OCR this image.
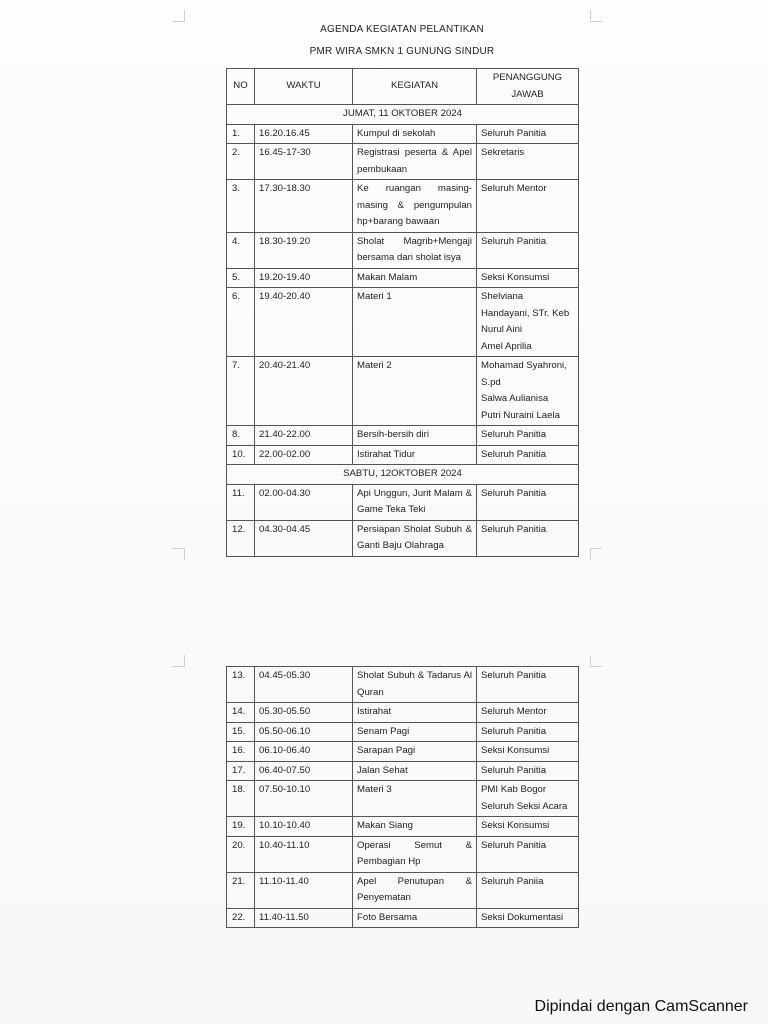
AGENDA KEGIATAN PELANTIKAN
PMR WIRA SMKN 1 GUNUNG SINDUR
NO	WAKTU	KEGIATAN	PENANGGUNG JAWAB
JUMAT, 11 OKTOBER 2024			
1.	16.20.16.45	Kumpul di sekolah	Seluruh Panitia
2.	16.45-17-30	Registrasi peserta & Apel pembukaan	Sekretaris
3.	17.30-18.30	Ke ruangan masing-masing & pengumpulan hp+barang bawaan	Seluruh Mentor
4.	18.30-19.20	Sholat Magrib+Mengaji bersama dan sholat isya	Seluruh Panitia
5.	19.20-19.40	Makan Malam	Seksi Konsumsi
6.	19.40-20.40	Materi 1	Shelviana Handayani, STr. Keb
Nurul Aini
Amel Aprilia
7.	20.40-21.40	Materi 2	Mohamad Syahroni, S.pd
Salwa Aulianisa
Putri Nuraini Laela
8.	21.40-22.00	Bersih-bersih diri	Seluruh Panitia
10.	22.00-02.00	Istirahat Tidur	Seluruh Panitia
SABTU, 12OKTOBER 2024			
11.	02.00-04.30	Api Unggun, Jurit Malam & Game Teka Teki	Seluruh Panitia
12.	04.30-04.45	Persiapan Sholat Subuh & Ganti Baju Olahraga	Seluruh Panitia
13.	04.45-05.30	Sholat Subuh & Tadarus Al Quran	Seluruh Panitia
14.	05.30-05.50	Istirahat	Seluruh Mentor
15.	05.50-06.10	Senam Pagi	Seluruh Panitia
16.	06.10-06.40	Sarapan Pagi	Seksi Konsumsi
17.	06.40-07.50	Jalan Sehat	Seluruh Panitia
18.	07.50-10.10	Materi 3	PMI Kab Bogor
Seluruh Seksi Acara
19.	10.10-10.40	Makan Siang	Seksi Konsumsi
20.	10.40-11.10	Operasi Semut & Pembagian Hp	Seluruh Panitia
21.	11.10-11.40	Apel Penutupan & Penyematan	Seluruh Paniia
22.	11.40-11.50	Foto Bersama	Seksi Dokumentasi
Dipindai dengan CamScanner
